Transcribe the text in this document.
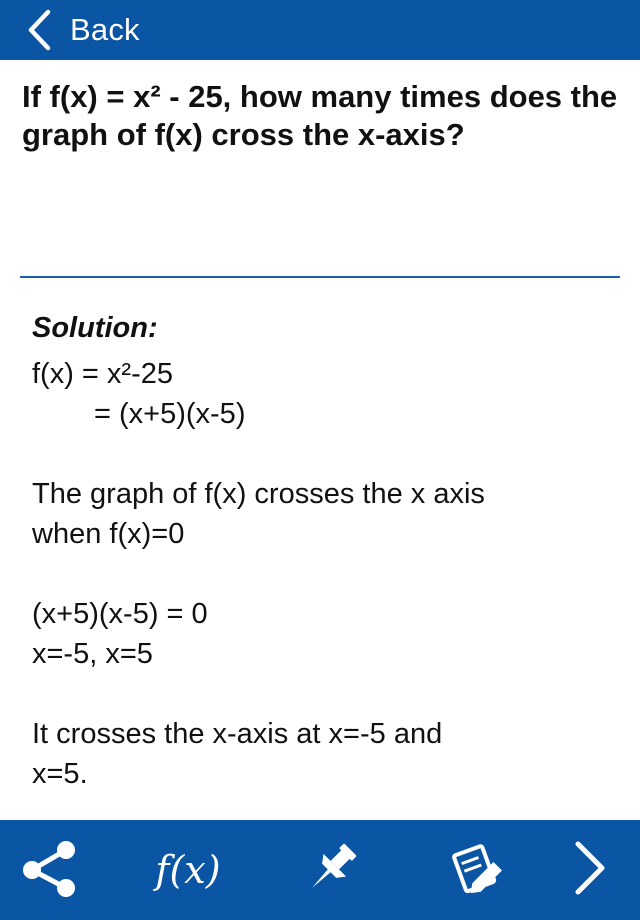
Back
If f(x) = x² - 25, how many times does the graph of f(x) cross the x-axis?
Solution:
f(x) = x²-25
= (x+5)(x-5)
The graph of f(x) crosses the x axis
when f(x)=0
(x+5)(x-5) = 0
x=-5, x=5
It crosses the x-axis at x=-5 and
x=5.
f(x)
